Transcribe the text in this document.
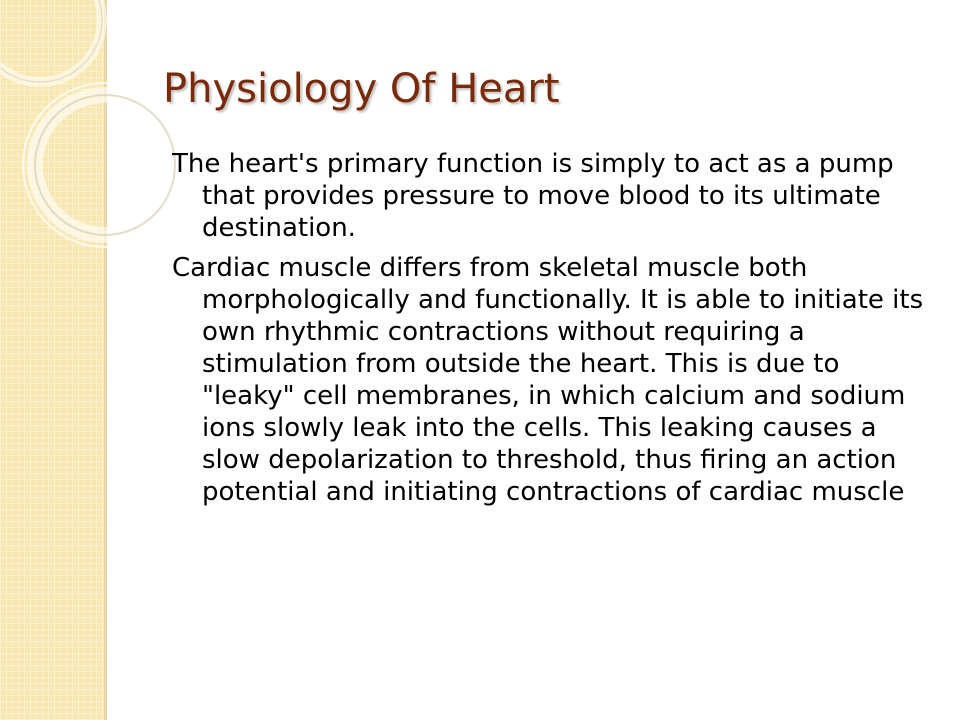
Physiology Of Heart

The heart's primary function is simply to act as a pump that provides pressure to move blood to its ultimate destination.

Cardiac muscle differs from skeletal muscle both morphologically and functionally. It is able to initiate its own rhythmic contractions without requiring a stimulation from outside the heart. This is due to "leaky" cell membranes, in which calcium and sodium ions slowly leak into the cells. This leaking causes a slow depolarization to threshold, thus firing an action potential and initiating contractions of cardiac muscle
